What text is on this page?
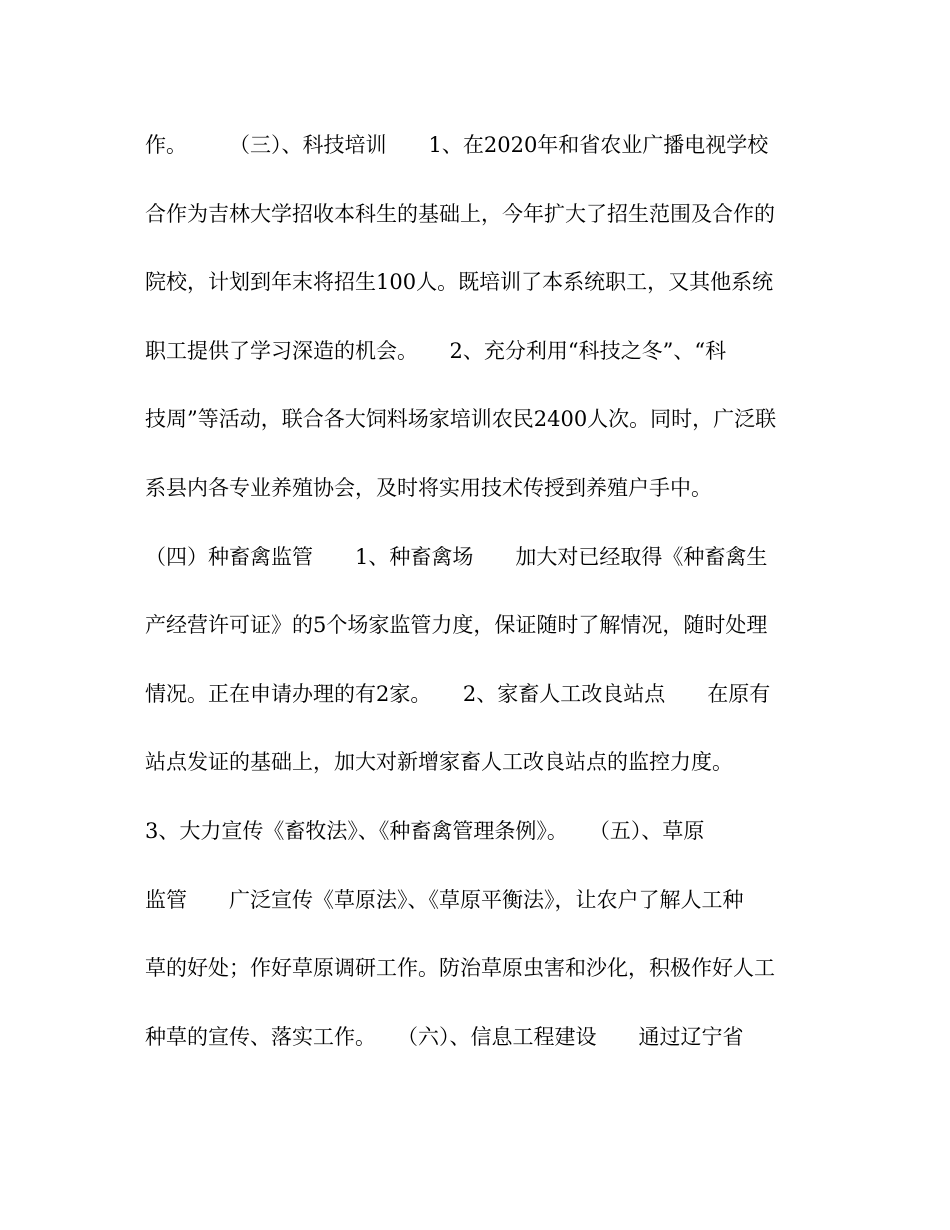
作。　　　（三）、科技培训　　1、在2020年和省农业广播电视学校
合作为吉林大学招收本科生的基础上，今年扩大了招生范围及合作的
院校，计划到年末将招生100人。既培训了本系统职工，又其他系统
职工提供了学习深造的机会。　　2、充分利用“科技之冬”、“科
技周”等活动，联合各大饲料场家培训农民2400人次。同时，广泛联
系县内各专业养殖协会，及时将实用技术传授到养殖户手中。
（四）种畜禽监管　　1、种畜禽场　　加大对已经取得《种畜禽生
产经营许可证》的5个场家监管力度，保证随时了解情况，随时处理
情况。正在申请办理的有2家。　　2、家畜人工改良站点　　在原有
站点发证的基础上，加大对新增家畜人工改良站点的监控力度。
3、大力宣传《畜牧法》、《种畜禽管理条例》。　　（五）、草原
监管　　广泛宣传《草原法》、《草原平衡法》，让农户了解人工种
草的好处；作好草原调研工作。防治草原虫害和沙化，积极作好人工
种草的宣传、落实工作。　　（六）、信息工程建设　　通过辽宁省
